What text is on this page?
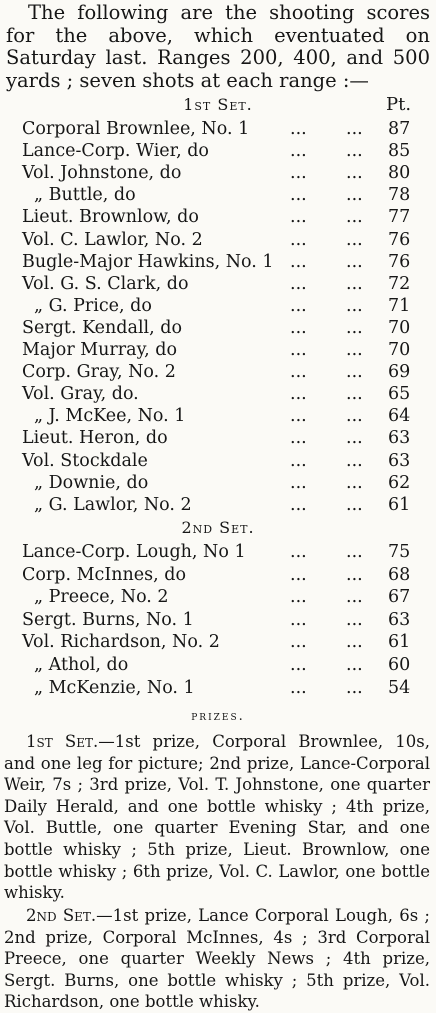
The following are the shooting scores for the above, which eventuated on Saturday last. Ranges 200, 400, and 500 yards ; seven shots at each range :—
1st Set.	Pt.
Corporal Brownlee, No. 1 ... ... 87
Lance-Corp. Wier, do	... ... 85
Vol. Johnstone, do	... ... 80
„ Buttle, do	... ... 78
Lieut. Brownlow, do	... ... 77
Vol. C. Lawlor, No. 2	... ... 76
Bugle-Major Hawkins, No. 1 ... ... 76
Vol. G. S. Clark, do	... ... 72
„ G. Price, do	... ... 71
Sergt. Kendall, do	... ... 70
Major Murray, do	... ... 70
Corp. Gray, No. 2	... ... 69
Vol. Gray, do.	... ... 65
„ J. McKee, No. 1	... ... 64
Lieut. Heron, do	... ... 63
Vol. Stockdale	... ... 63
„ Downie, do	... ... 62
„ G. Lawlor, No. 2	... ... 61
2nd Set.
Lance-Corp. Lough, No 1	... ... 75
Corp. McInnes, do	... ... 68
„ Preece, No. 2	... ... 67
Sergt. Burns, No. 1	... ... 63
Vol. Richardson, No. 2	... ... 61
„ Athol, do	... ... 60
„ McKenzie, No. 1	... ... 54
prizes.
1st Set.—1st prize, Corporal Brownlee, 10s, and one leg for picture; 2nd prize, Lance-Corporal Weir, 7s ; 3rd prize, Vol. T. Johnstone, one quarter Daily Herald, and one bottle whisky ; 4th prize, Vol. Buttle, one quarter Evening Star, and one bottle whisky ; 5th prize, Lieut. Brownlow, one bottle whisky ; 6th prize, Vol. C. Lawlor, one bottle whisky.
2nd Set.—1st prize, Lance Corporal Lough, 6s ; 2nd prize, Corporal McInnes, 4s ; 3rd Corporal Preece, one quarter Weekly News ; 4th prize, Sergt. Burns, one bottle whisky ; 5th prize, Vol. Richardson, one bottle whisky.
